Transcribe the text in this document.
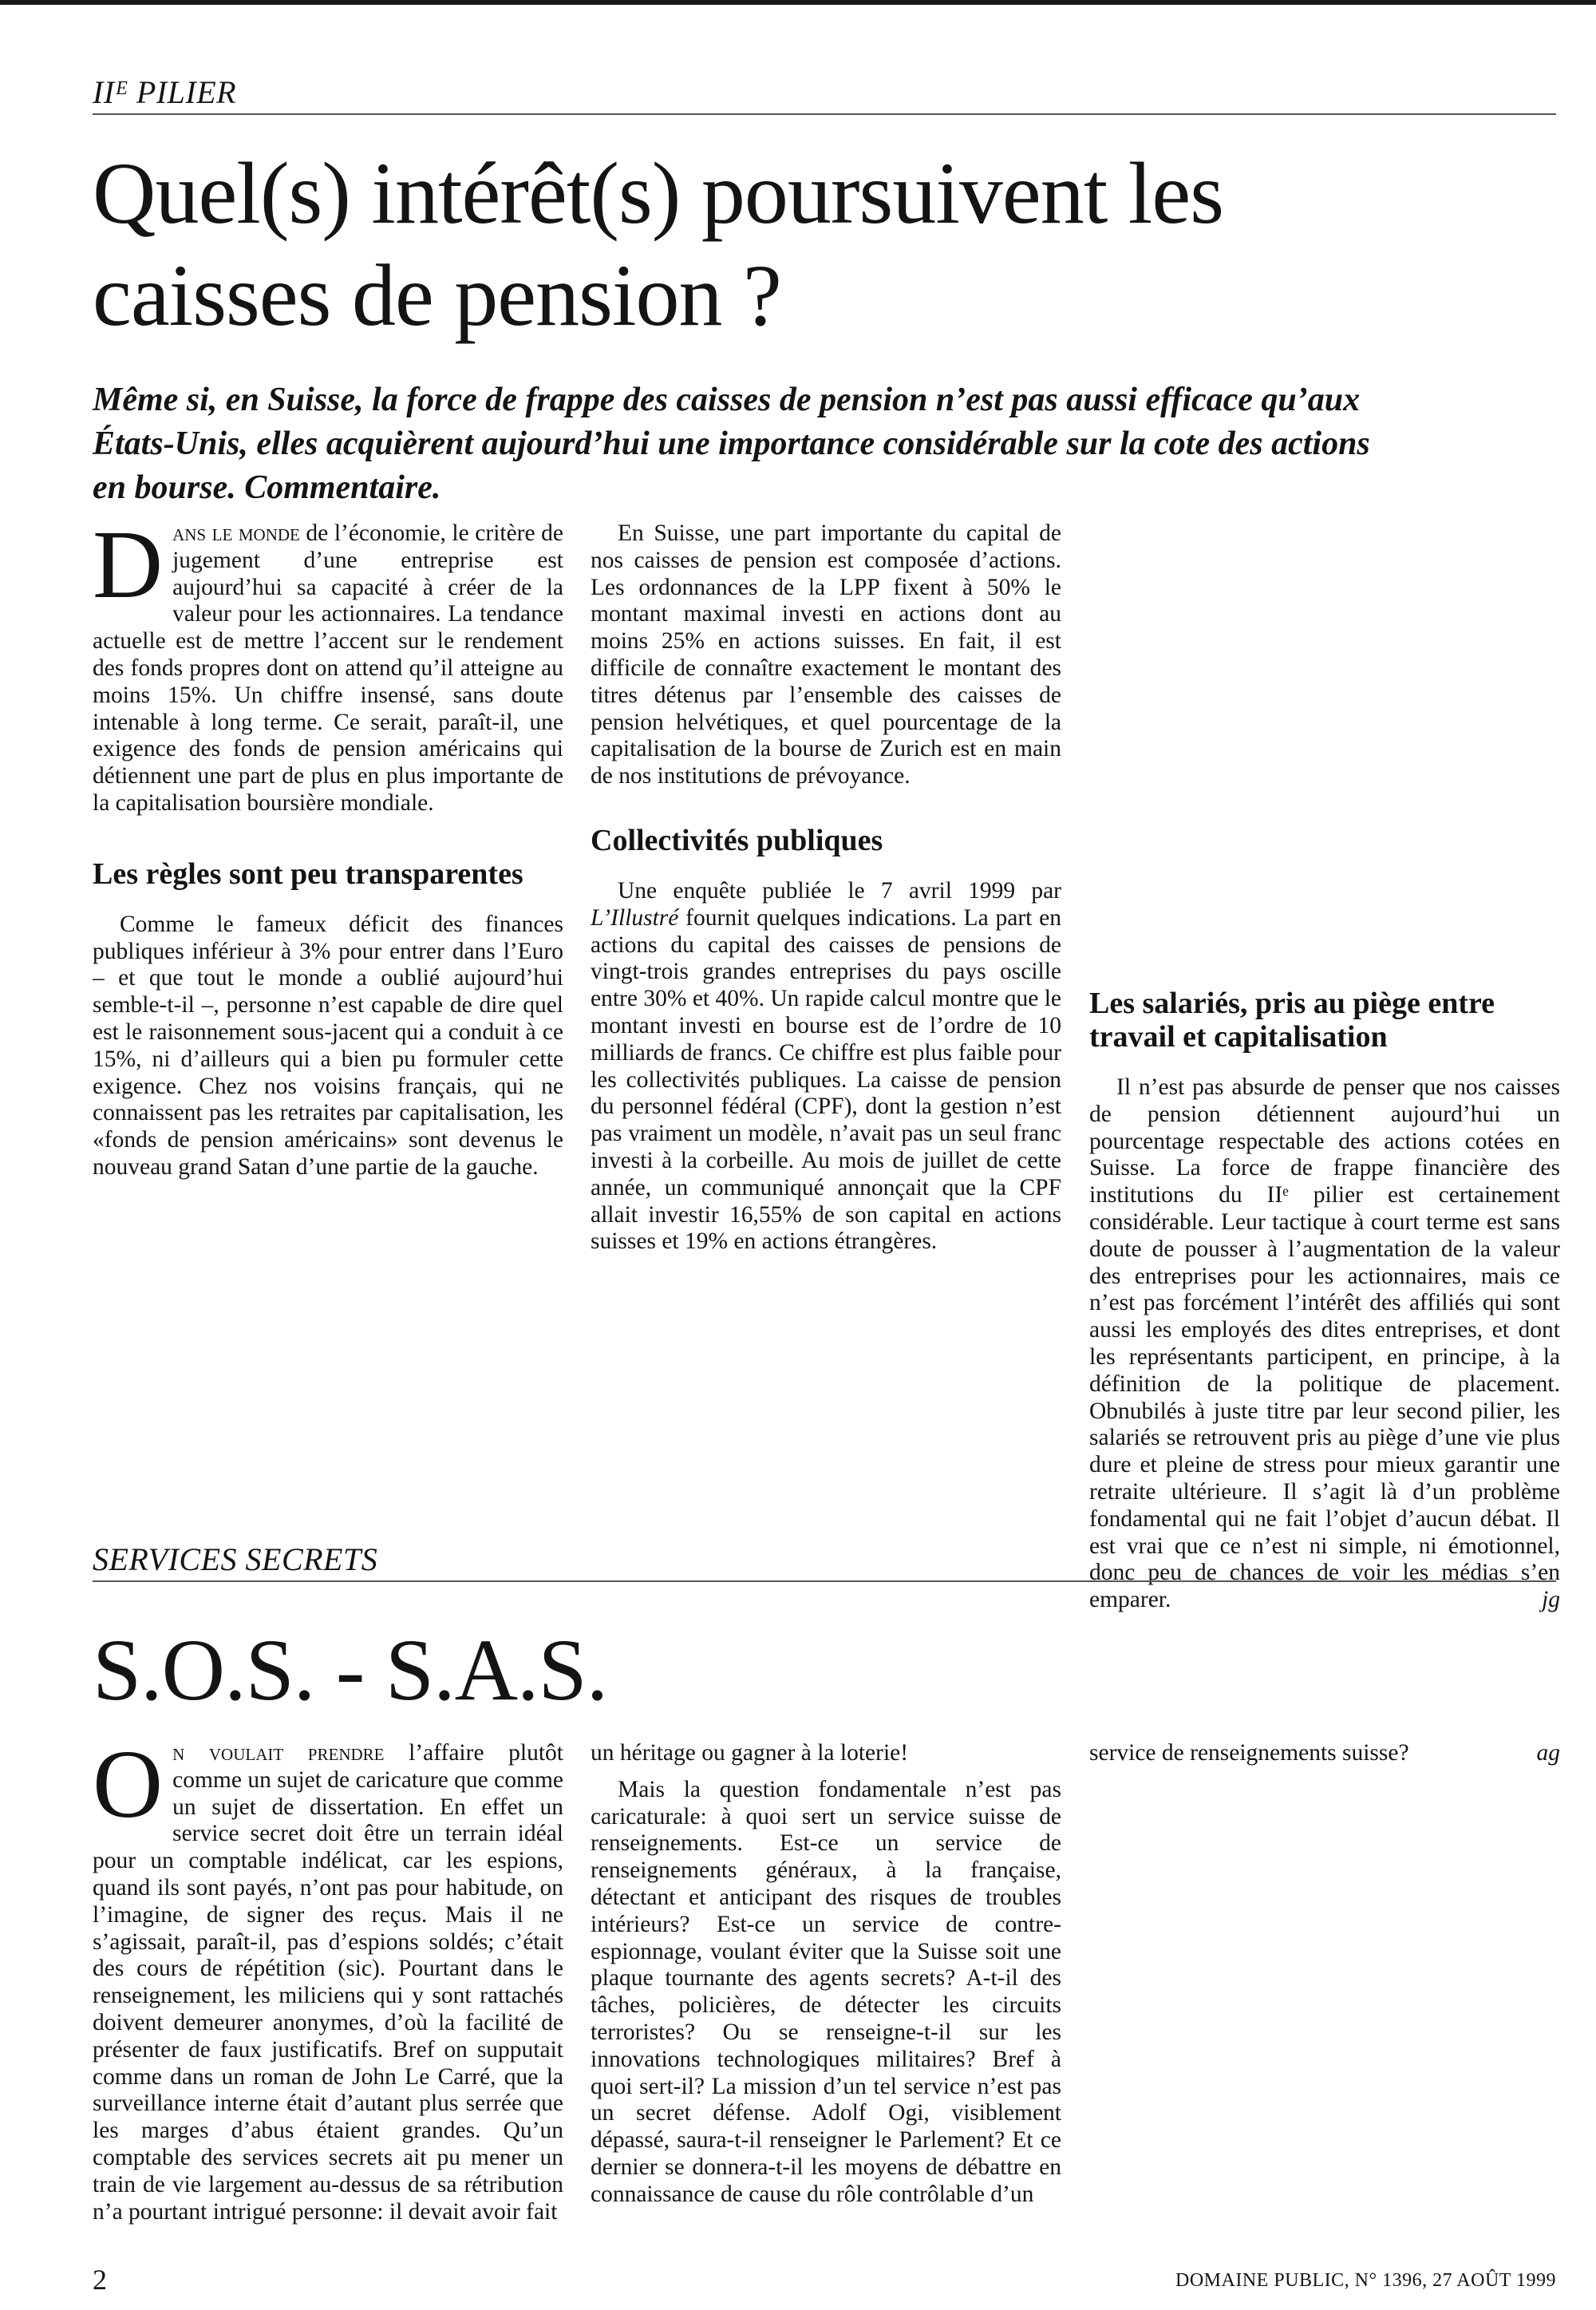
IIᴱ PILIER
Quel(s) intérêt(s) poursuivent les
caisses de pension ?

Même si, en Suisse, la force de frappe des caisses de pension n’est pas aussi efficace qu’aux États-Unis, elles acquièrent aujourd’hui une importance considérable sur la cote des actions en bourse. Commentaire.

Dans le monde de l’économie, le critère de jugement d’une entreprise est aujourd’hui sa capacité à créer de la valeur pour les actionnaires. La tendance actuelle est de mettre l’accent sur le rendement des fonds propres dont on attend qu’il atteigne au moins 15%. Un chiffre insensé, sans doute intenable à long terme. Ce serait, paraît-il, une exigence des fonds de pension américains qui détiennent une part de plus en plus importante de la capitalisation boursière mondiale.

Les règles sont peu transparentes

Comme le fameux déficit des finances publiques inférieur à 3% pour entrer dans l’Euro – et que tout le monde a oublié aujourd’hui semble-t-il –, personne n’est capable de dire quel est le raisonnement sous-jacent qui a conduit à ce 15%, ni d’ailleurs qui a bien pu formuler cette exigence. Chez nos voisins français, qui ne connaissent pas les retraites par capitalisation, les «fonds de pension américains» sont devenus le nouveau grand Satan d’une partie de la gauche.

En Suisse, une part importante du capital de nos caisses de pension est composée d’actions. Les ordonnances de la LPP fixent à 50% le montant maximal investi en actions dont au moins 25% en actions suisses. En fait, il est difficile de connaître exactement le montant des titres détenus par l’ensemble des caisses de pension helvétiques, et quel pourcentage de la capitalisation de la bourse de Zurich est en main de nos institutions de prévoyance.

Collectivités publiques

Une enquête publiée le 7 avril 1999 par L’Illustré fournit quelques indications. La part en actions du capital des caisses de pensions de vingt-trois grandes entreprises du pays oscille entre 30% et 40%. Un rapide calcul montre que le montant investi en bourse est de l’ordre de 10 milliards de francs. Ce chiffre est plus faible pour les collectivités publiques. La caisse de pension du personnel fédéral (CPF), dont la gestion n’est pas vraiment un modèle, n’avait pas un seul franc investi à la corbeille. Au mois de juillet de cette année, un communiqué annonçait que la CPF allait investir 16,55% de son capital en actions suisses et 19% en actions étrangères.

Les salariés, pris au piège entre travail et capitalisation

Il n’est pas absurde de penser que nos caisses de pension détiennent aujourd’hui un pourcentage respectable des actions cotées en Suisse. La force de frappe financière des institutions du IIᵉ pilier est certainement considérable. Leur tactique à court terme est sans doute de pousser à l’augmentation de la valeur des entreprises pour les actionnaires, mais ce n’est pas forcément l’intérêt des affiliés qui sont aussi les employés des dites entreprises, et dont les représentants participent, en principe, à la définition de la politique de placement. Obnubilés à juste titre par leur second pilier, les salariés se retrouvent pris au piège d’une vie plus dure et pleine de stress pour mieux garantir une retraite ultérieure. Il s’agit là d’un problème fondamental qui ne fait l’objet d’aucun débat. Il est vrai que ce n’est ni simple, ni émotionnel, donc peu de chances de voir les médias s’en emparer.	jg

SERVICES SECRETS
S.O.S. - S.A.S.

On voulait prendre l’affaire plutôt comme un sujet de caricature que comme un sujet de dissertation. En effet un service secret doit être un terrain idéal pour un comptable indélicat, car les espions, quand ils sont payés, n’ont pas pour habitude, on l’imagine, de signer des reçus. Mais il ne s’agissait, paraît-il, pas d’espions soldés; c’était des cours de répétition (sic). Pourtant dans le renseignement, les miliciens qui y sont rattachés doivent demeurer anonymes, d’où la facilité de présenter de faux justificatifs. Bref on supputait comme dans un roman de John Le Carré, que la surveillance interne était d’autant plus serrée que les marges d’abus étaient grandes. Qu’un comptable des services secrets ait pu mener un train de vie largement au-dessus de sa rétribution n’a pourtant intrigué personne: il devait avoir fait

Mais la question fondamentale n’est pas caricaturale: à quoi sert un service suisse de renseignements. Est-ce un service de renseignements généraux, à la française, détectant et anticipant des risques de troubles intérieurs? Est-ce un service de contre-espionnage, voulant éviter que la Suisse soit une plaque tournante des agents secrets? A-t-il des tâches, policières, de détecter les circuits terroristes? Ou se renseigne-t-il sur les innovations technologiques militaires? Bref à quoi sert-il? La mission d’un tel service n’est pas un secret défense. Adolf Ogi, visiblement dépassé, saura-t-il renseigner le Parlement? Et ce dernier se donnera-t-il les moyens de débattre en connaissance de cause du rôle contrôlable d’un

2	DOMAINE PUBLIC, N° 1396, 27 AOÛT 1999

un héritage ou gagner à la loterie!	service de renseignements suisse?	ag
